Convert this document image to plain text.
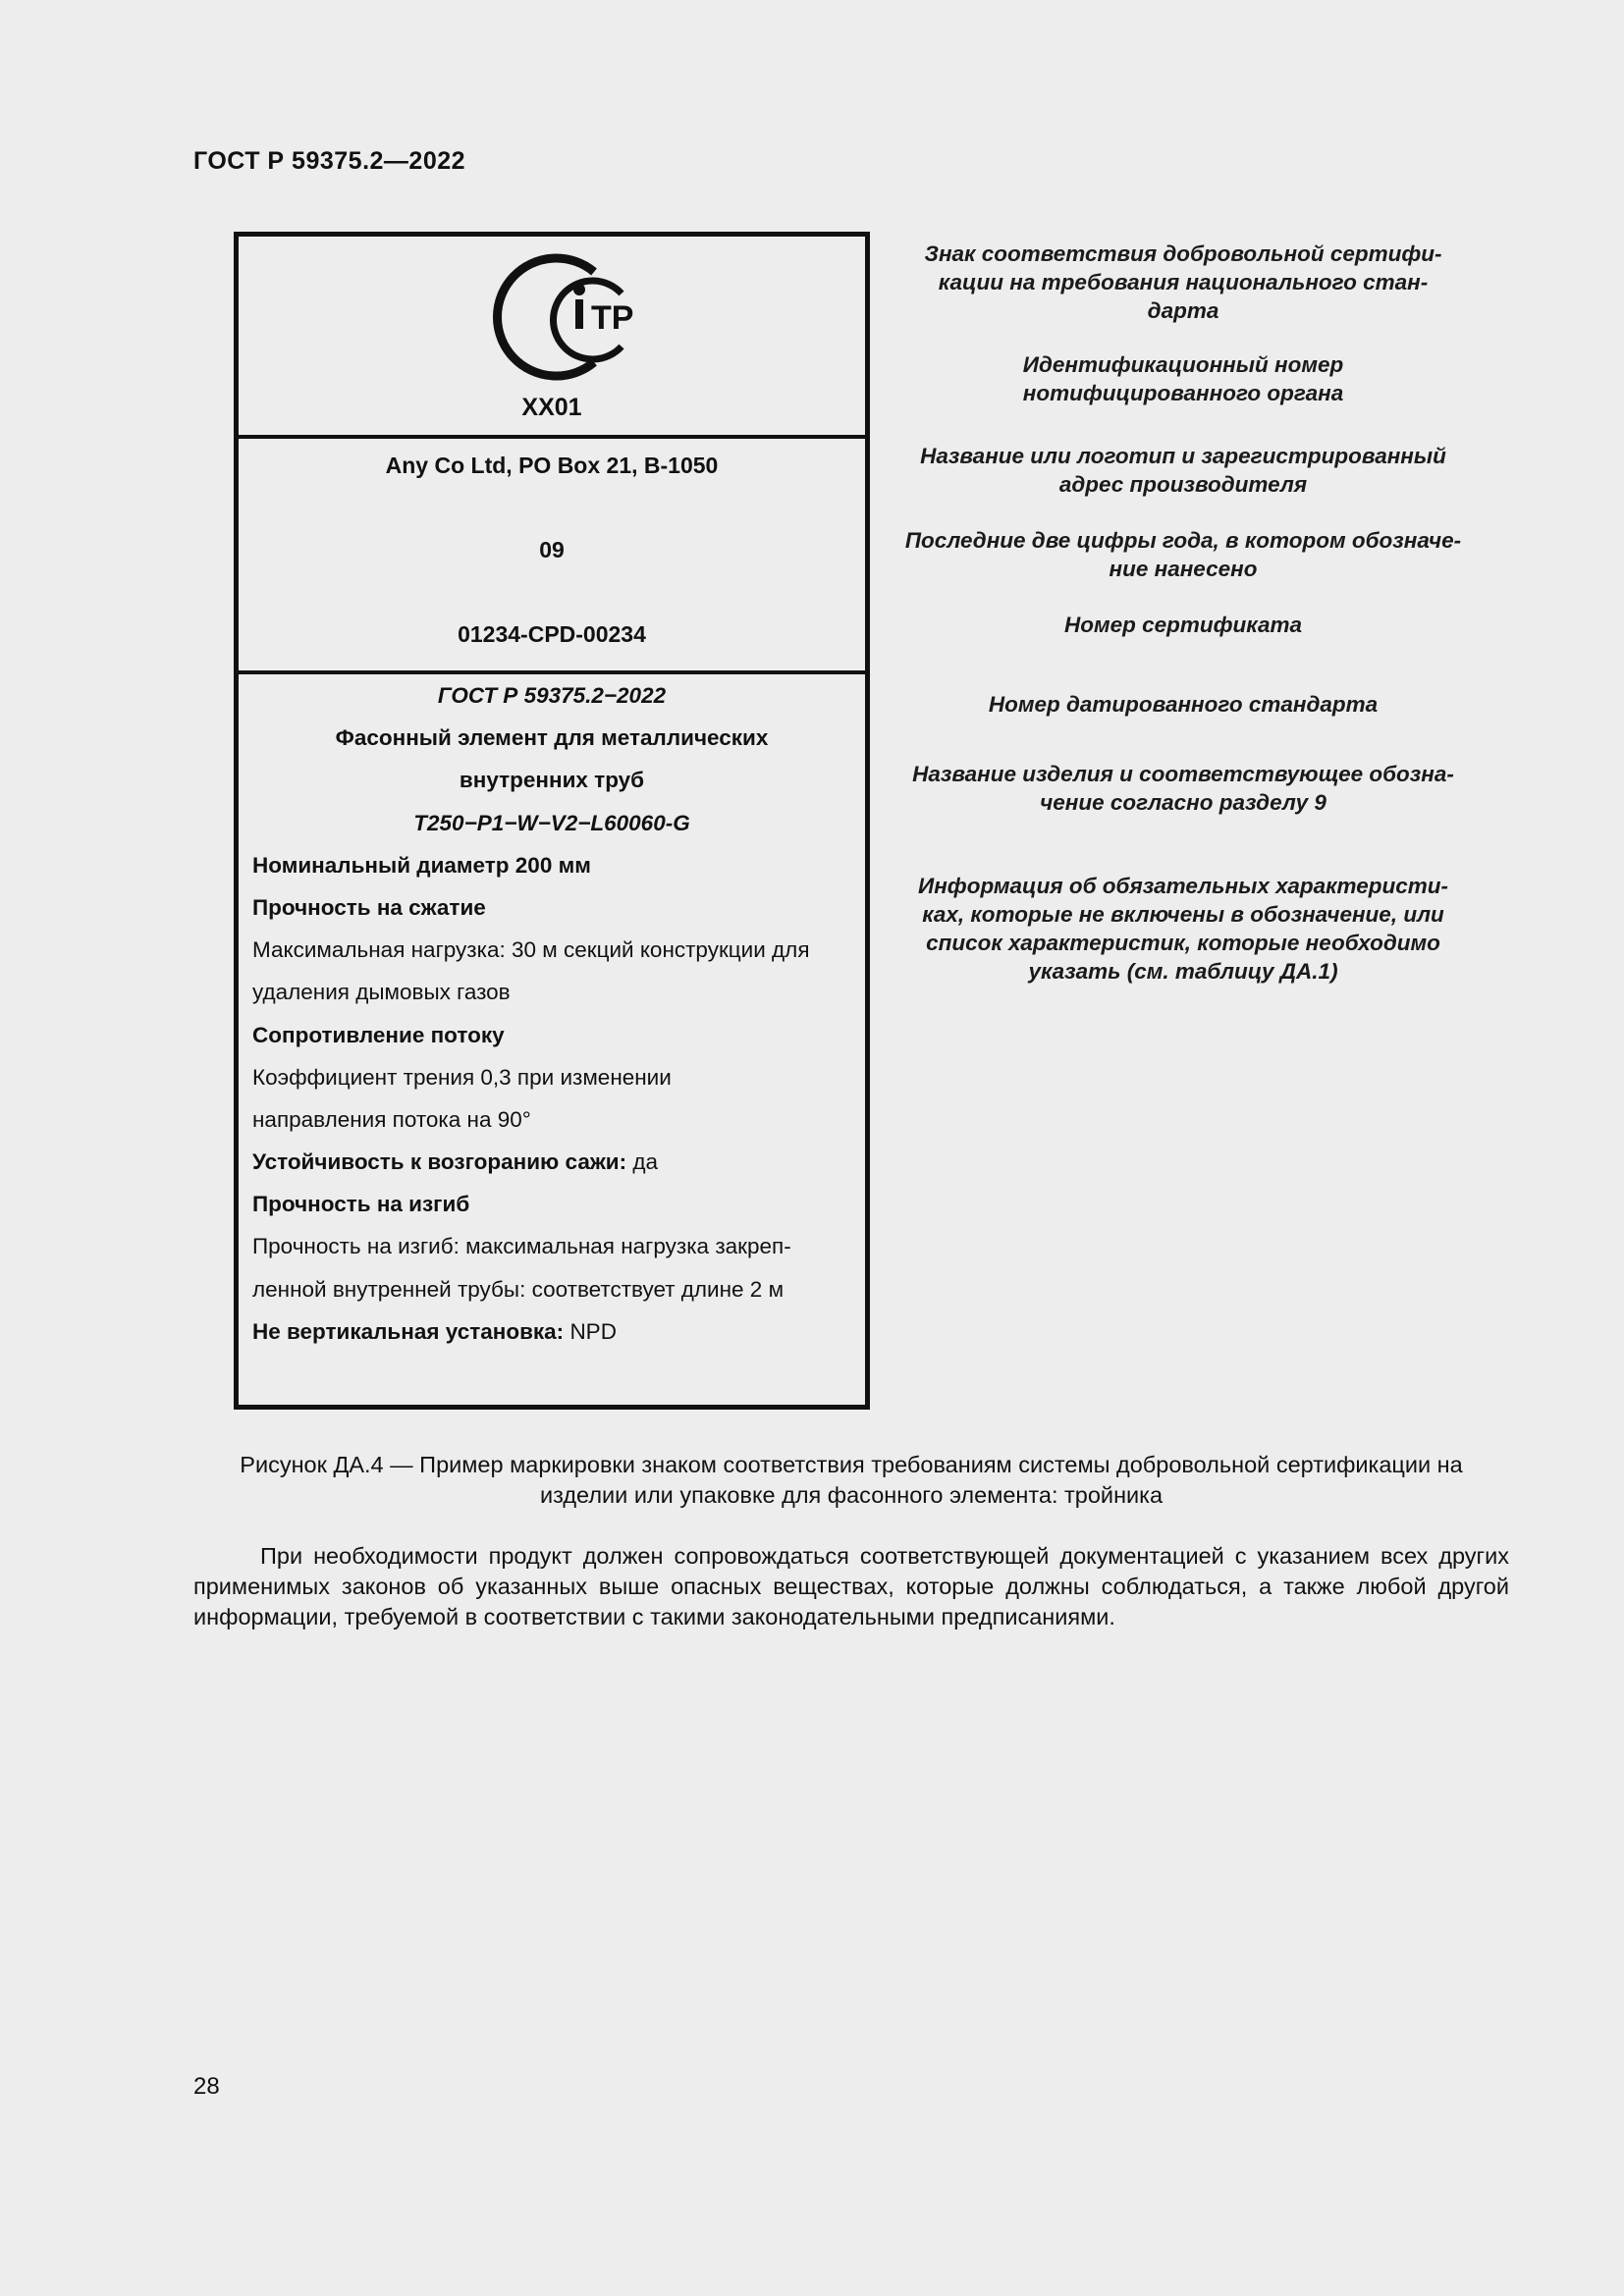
ГОСТ Р 59375.2—2022
ТР
XX01
Any Co Ltd, PO Box 21, B-1050
09
01234-CPD-00234
ГОСТ Р 59375.2−2022
Фасонный элемент для металлических
внутренних труб
T250−P1−W−V2−L60060-G
Номинальный диаметр 200 мм
Прочность на сжатие
Максимальная нагрузка: 30 м секций конструкции для
удаления дымовых газов
Сопротивление потоку
Коэффициент трения 0,3 при изменении
направления потока на 90°
Устойчивость к возгоранию сажи: да
Прочность на изгиб
Прочность на изгиб: максимальная нагрузка закреп-
ленной внутренней трубы: соответствует длине 2 м
Не вертикальная установка: NPD
Знак соответствия добровольной сертифи-
кации на требования национального стан-
дарта
Идентификационный номер
нотифицированного органа
Название или логотип и зарегистрированный
адрес производителя
Последние две цифры года, в котором обозначе-
ние нанесено
Номер сертификата
Номер датированного стандарта
Название изделия и соответствующее обозна-
чение согласно разделу 9
Информация об обязательных характеристи-
ках, которые не включены в обозначение, или
список характеристик, которые необходимо
указать (см. таблицу ДА.1)
Рисунок ДА.4 — Пример маркировки знаком соответствия требованиям системы добровольной сертификации на изделии или упаковке для фасонного элемента: тройника
При необходимости продукт должен сопровождаться соответствующей документацией с указанием всех других применимых законов об указанных выше опасных веществах, которые должны соблюдаться, а также любой другой информации, требуемой в соответствии с такими законодательными предписаниями.
28
